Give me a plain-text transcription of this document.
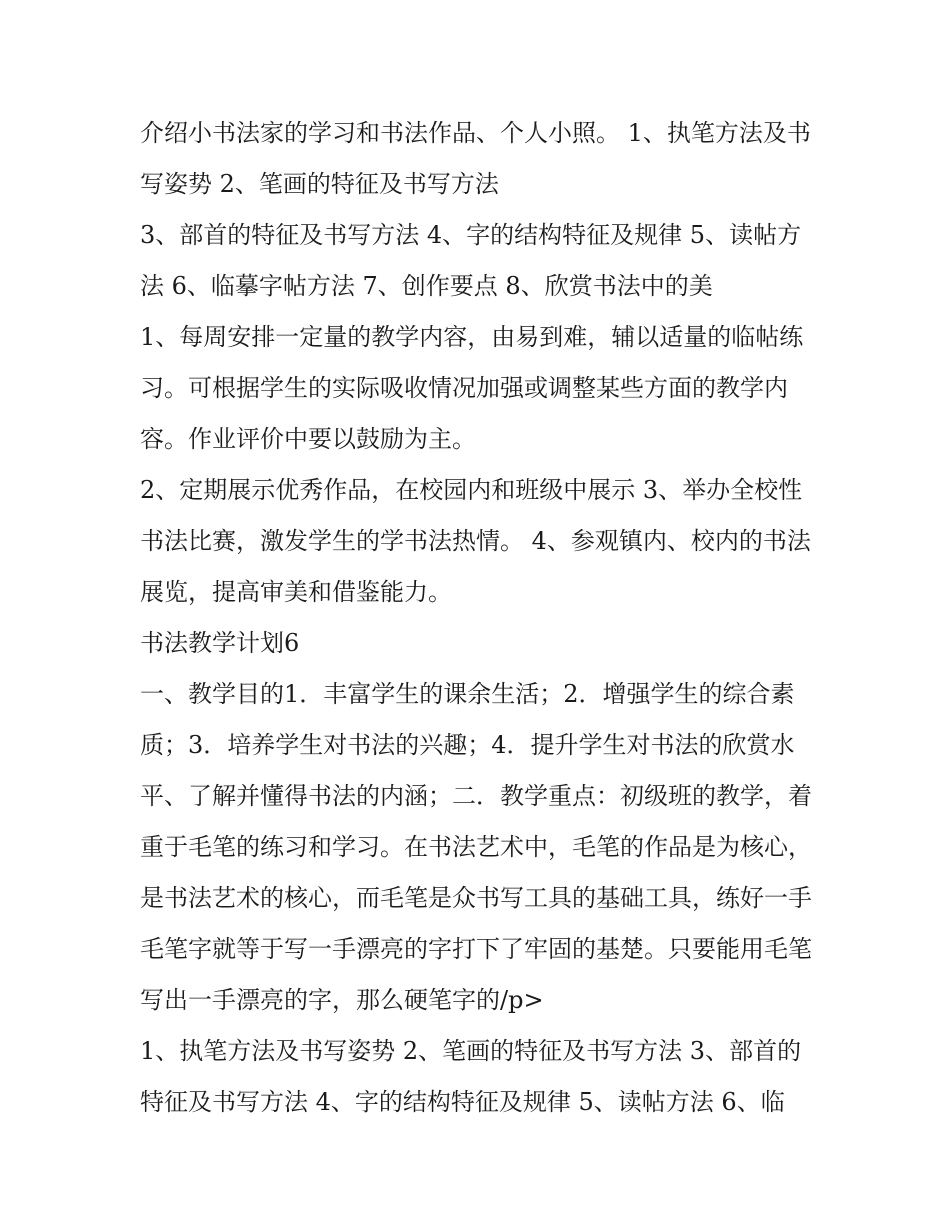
介绍小书法家的学习和书法作品、个人小照。 1、执笔方法及书写姿势 2、笔画的特征及书写方法

3、部首的特征及书写方法 4、字的结构特征及规律 5、读帖方法 6、临摹字帖方法 7、创作要点 8、欣赏书法中的美

1、每周安排一定量的教学内容，由易到难，辅以适量的临帖练习。可根据学生的实际吸收情况加强或调整某些方面的教学内容。作业评价中要以鼓励为主。

2、定期展示优秀作品，在校园内和班级中展示 3、举办全校性书法比赛，激发学生的学书法热情。 4、参观镇内、校内的书法展览，提高审美和借鉴能力。

书法教学计划6

一、教学目的1．丰富学生的课余生活；2．增强学生的综合素质；3．培养学生对书法的兴趣；4．提升学生对书法的欣赏水平、了解并懂得书法的内涵；二．教学重点：初级班的教学，着重于毛笔的练习和学习。在书法艺术中，毛笔的作品是为核心，是书法艺术的核心，而毛笔是众书写工具的基础工具，练好一手毛笔字就等于写一手漂亮的字打下了牢固的基楚。只要能用毛笔写出一手漂亮的字，那么硬笔字的/p>

1、执笔方法及书写姿势 2、笔画的特征及书写方法 3、部首的特征及书写方法 4、字的结构特征及规律 5、读帖方法 6、临
